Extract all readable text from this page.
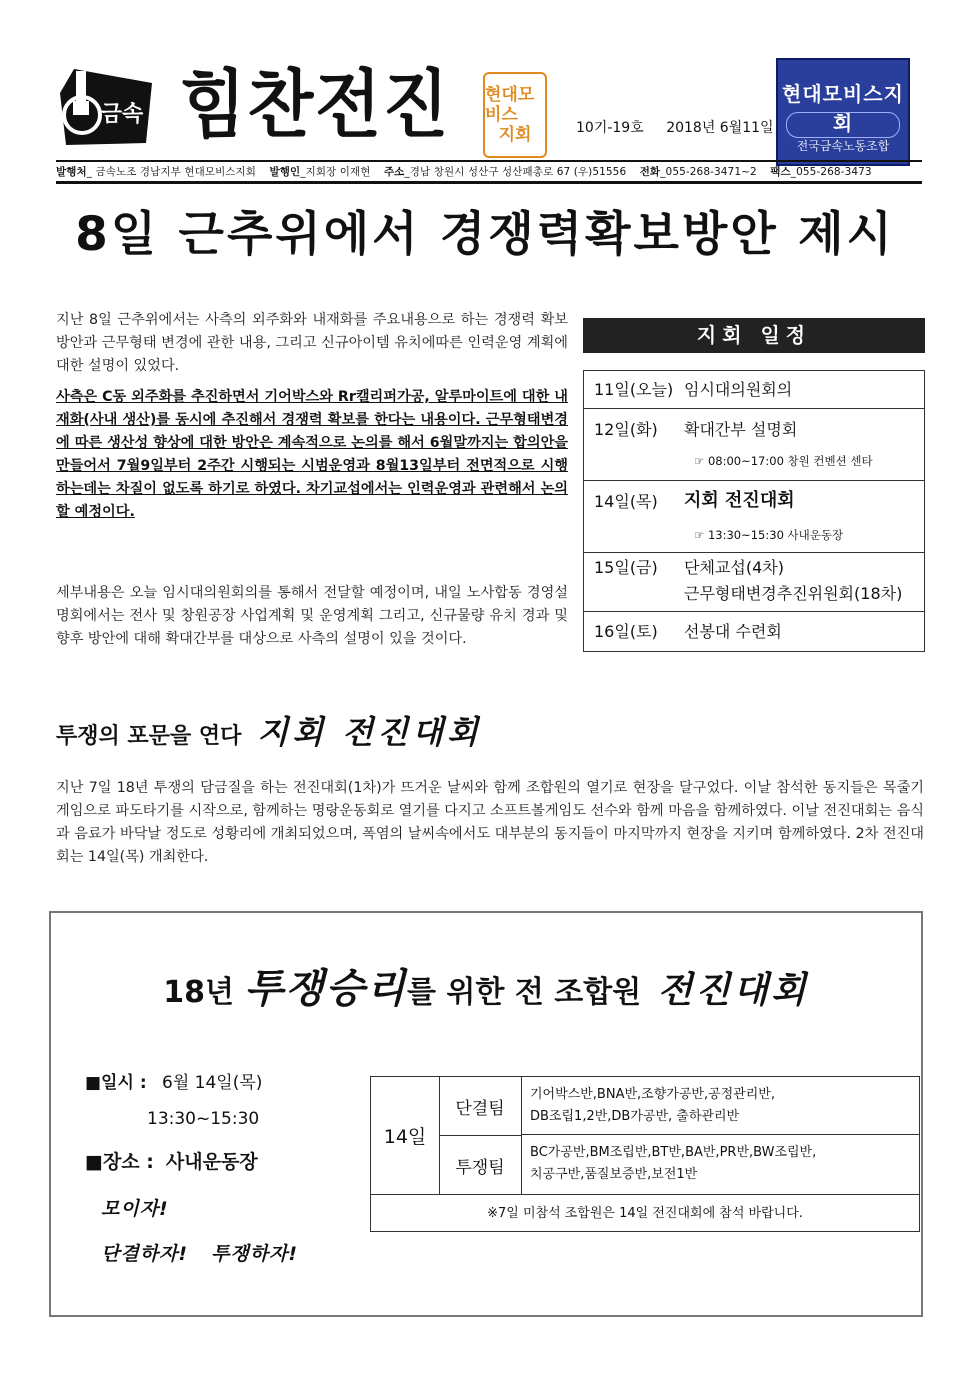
금속 힘찬전진 현대모비스
지회	10기-19호 2018년 6월11일
현대모비스지회
전국금속노동조합
발행처_ 금속노조 경남지부 현대모비스지회 발행인_지회장 이재현 주소_경남 창원시 성산구 성산패총로 67 (우)51556 전화_055-268-3471~2 팩스_055-268-3473
8일 근추위에서 경쟁력확보방안 제시
지난 8일 근추위에서는 사측의 외주화와 내재화를 주요내용으로 하는 경쟁력 확보 방안과 근무형태 변경에 관한 내용, 그리고 신규아이템 유치에따른 인력운영 계획에 대한 설명이 있었다.
사측은 C동 외주화를 추진하면서 기어박스와 Rr캘리퍼가공, 알루마이트에 대한 내재화(사내 생산)를 동시에 추진해서 경쟁력 확보를 한다는 내용이다. 근무형태변경에 따른 생산성 향상에 대한 방안은 계속적으로 논의를 해서 6월말까지는 합의안을 만들어서 7월9일부터 2주간 시행되는 시범운영과 8월13일부터 전면적으로 시행하는데는 차질이 없도록 하기로 하였다. 차기교섭에서는 인력운영과 관련해서 논의할 예정이다.
세부내용은 오늘 임시대의원회의를 통해서 전달할 예정이며, 내일 노사합동 경영설명회에서는 전사 및 창원공장 사업계획 및 운영계획 그리고, 신규물량 유치 경과 및 향후 방안에 대해 확대간부를 대상으로 사측의 설명이 있을 것이다.
지회 일정
11일(오늘) 임시대의원회의
12일(화) 확대간부 설명회
☞ 08:00~17:00 창원 컨벤션 센타
14일(목) 지회 전진대회
☞ 13:30~15:30 사내운동장
15일(금) 단체교섭(4차)
근무형태변경추진위원회(18차)
16일(토) 선봉대 수련회
투쟁의 포문을 연다 지회 전진대회
지난 7일 18년 투쟁의 담금질을 하는 전진대회(1차)가 뜨거운 날씨와 함께 조합원의 열기로 현장을 달구었다. 이날 참석한 동지들은 목줄기 게임으로 파도타기를 시작으로, 함께하는 명랑운동회로 열기를 다지고 소프트볼게임도 선수와 함께 마음을 함께하였다. 이날 전진대회는 음식과 음료가 바닥날 정도로 성황리에 개최되었으며, 폭염의 날씨속에서도 대부분의 동지들이 마지막까지 현장을 지키며 함께하였다. 2차 전진대회는 14일(목) 개최한다.
18년 투쟁승리를 위한 전 조합원 전진대회
■일시 : 6월 14일(목)
13:30~15:30
■장소 : 사내운동장
모이자!
단결하자! 투쟁하자!
14일
단결팀
투쟁팀
기어박스반,BNA반,조향가공반,공정관리반,
DB조립1,2반,DB가공반, 출하관리반
BC가공반,BM조립반,BT반,BA반,PR반,BW조립반,
치공구반,품질보증반,보전1반
※7일 미참석 조합원은 14일 전진대회에 참석 바랍니다.
